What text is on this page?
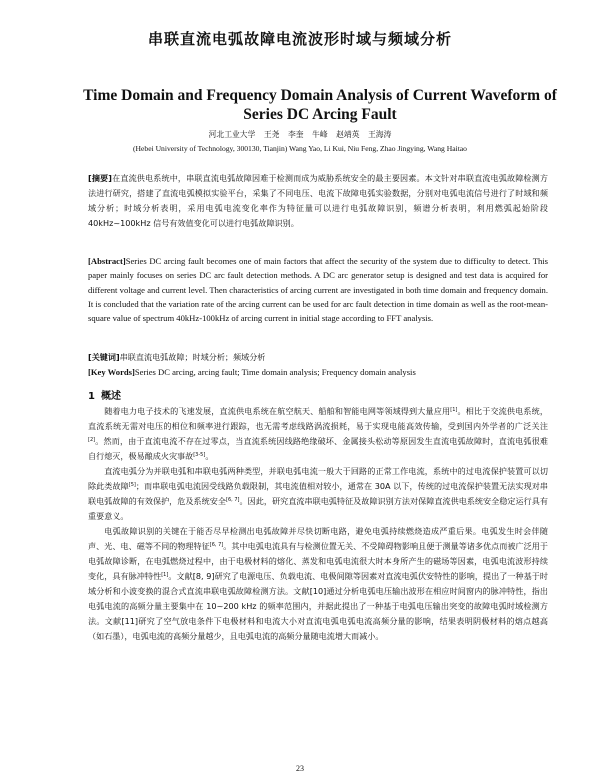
串联直流电弧故障电流波形时域与频域分析
Time Domain and Frequency Domain Analysis of Current Waveform of Series DC Arcing Fault
河北工业大学 王尧 李奎 牛峰 赵靖英 王海涛
(Hebei University of Technology, 300130, Tianjin) Wang Yao, Li Kui, Niu Feng, Zhao Jingying, Wang Haitao
[摘要]在直流供电系统中，串联直流电弧故障因难于检测而成为威胁系统安全的最主要因素。本文针对串联直流电弧故障检测方法进行研究，搭建了直流电弧模拟实验平台，采集了不同电压、电流下故障电弧实验数据，分别对电弧电流信号进行了时域和频域分析；时域分析表明，采用电弧电流变化率作为特征量可以进行电弧故障识别，频谱分析表明，利用燃弧起始阶段 40kHz~100kHz 信号有效值变化可以进行电弧故障识别。
[Abstract]Series DC arcing fault becomes one of main factors that affect the security of the system due to difficulty to detect. This paper mainly focuses on series DC arc fault detection methods. A DC arc generator setup is designed and test data is acquired for different voltage and current level. Then characteristics of arcing current are investigated in both time domain and frequency domain. It is concluded that the variation rate of the arcing current can be used for arc fault detection in time domain as well as the root-mean-square value of spectrum 40kHz-100kHz of arcing current in initial stage according to FFT analysis.
[关键词]串联直流电弧故障；时域分析；频域分析
[Key Words]Series DC arcing, arcing fault; Time domain analysis; Frequency domain analysis
1 概述

随着电力电子技术的飞速发展，直流供电系统在航空航天、船舶和智能电网等领域得到大量应用[1]。相比于交流供电系统，直流系统无需对电压的相位和频率进行跟踪，也无需考虑线路涡流损耗，易于实现电能高效传输，受到国内外学者的广泛关注[2]。然而，由于直流电流不存在过零点，当直流系统因线路绝缘破坏、金属接头松动等原因发生直流电弧故障时，直流电弧很难自行熄灭，极易酿成火灾事故[3-5]。

直流电弧分为并联电弧和串联电弧两种类型，并联电弧电流一般大于回路的正常工作电流，系统中的过电流保护装置可以切除此类故障[5]；而串联电弧电流因受线路负载限制，其电流值相对较小，通常在 30A 以下，传统的过电流保护装置无法实现对串联电弧故障的有效保护，危及系统安全[6, 7]。因此，研究直流串联电弧特征及故障识别方法对保障直流供电系统安全稳定运行具有重要意义。

电弧故障识别的关键在于能否尽早检测出电弧故障并尽快切断电路，避免电弧持续燃烧造成严重后果。电弧发生时会伴随声、光、电、磁等不同的物理特征[6, 7]。其中电弧电流具有与检测位置无关、不受障碍物影响且便于测量等诸多优点而被广泛用于电弧故障诊断，在电弧燃烧过程中，由于电极材料的熔化、蒸发和电弧电流很大时本身所产生的磁场等因素，电弧电流波形持续变化，具有脉冲特性[1]。文献[8, 9]研究了电源电压、负载电流、电极间隙等因素对直流电弧伏安特性的影响，提出了一种基于时域分析和小波变换的混合式直流串联电弧故障检测方法。文献[10]通过分析电弧电压输出波形在相应时间窗内的脉冲特性，指出电弧电流的高频分量主要集中在 10~200 kHz 的频率范围内，并据此提出了一种基于电弧电压输出突变的故障电弧时域检测方法。文献[11]研究了空气放电条件下电极材料和电流大小对直流电弧电弧电流高频分量的影响，结果表明阴极材料的熔点越高（如石墨），电弧电流的高频分量越少，且电弧电流的高频分量随电流增大而减小。

23
